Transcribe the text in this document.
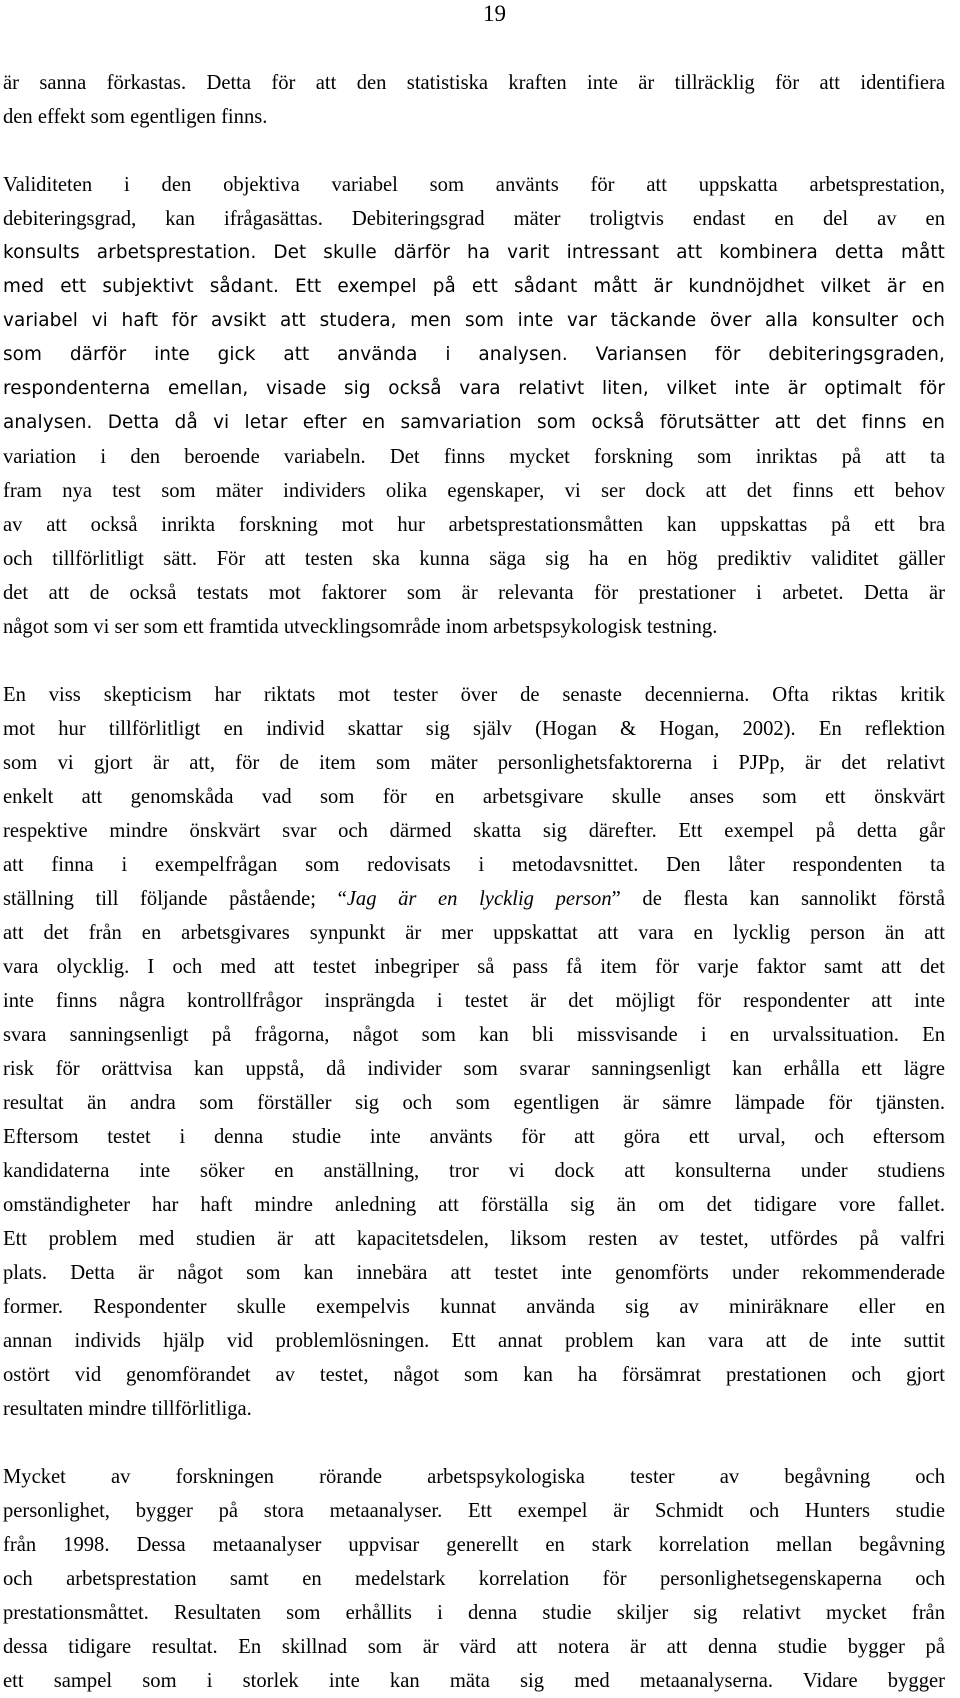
19
är sanna förkastas. Detta för att den statistiska kraften inte är tillräcklig för att identifiera
den effekt som egentligen finns.
Validiteten i den objektiva variabel som använts för att uppskatta arbetsprestation,
debiteringsgrad, kan ifrågasättas. Debiteringsgrad mäter troligtvis endast en del av en
konsults arbetsprestation. Det skulle därför ha varit intressant att kombinera detta mått
med ett subjektivt sådant. Ett exempel på ett sådant mått är kundnöjdhet vilket är en
variabel vi haft för avsikt att studera, men som inte var täckande över alla konsulter och
som därför inte gick att använda i analysen. Variansen för debiteringsgraden,
respondenterna emellan, visade sig också vara relativt liten, vilket inte är optimalt för
analysen. Detta då vi letar efter en samvariation som också förutsätter att det finns en
variation i den beroende variabeln. Det finns mycket forskning som inriktas på att ta
fram nya test som mäter individers olika egenskaper, vi ser dock att det finns ett behov
av att också inrikta forskning mot hur arbetsprestationsmåtten kan uppskattas på ett bra
och tillförlitligt sätt. För att testen ska kunna säga sig ha en hög prediktiv validitet gäller
det att de också testats mot faktorer som är relevanta för prestationer i arbetet. Detta är
något som vi ser som ett framtida utvecklingsområde inom arbetspsykologisk testning.
En viss skepticism har riktats mot tester över de senaste decennierna. Ofta riktas kritik
mot hur tillförlitligt en individ skattar sig själv (Hogan & Hogan, 2002). En reflektion
som vi gjort är att, för de item som mäter personlighetsfaktorerna i PJPp, är det relativt
enkelt att genomskåda vad som för en arbetsgivare skulle anses som ett önskvärt
respektive mindre önskvärt svar och därmed skatta sig därefter. Ett exempel på detta går
att finna i exempelfrågan som redovisats i metodavsnittet. Den låter respondenten ta
ställning till följande påstående; “Jag är en lycklig person” de flesta kan sannolikt förstå
att det från en arbetsgivares synpunkt är mer uppskattat att vara en lycklig person än att
vara olycklig. I och med att testet inbegriper så pass få item för varje faktor samt att det
inte finns några kontrollfrågor insprängda i testet är det möjligt för respondenter att inte
svara sanningsenligt på frågorna, något som kan bli missvisande i en urvalssituation. En
risk för orättvisa kan uppstå, då individer som svarar sanningsenligt kan erhålla ett lägre
resultat än andra som förställer sig och som egentligen är sämre lämpade för tjänsten.
Eftersom testet i denna studie inte använts för att göra ett urval, och eftersom
kandidaterna inte söker en anställning, tror vi dock att konsulterna under studiens
omständigheter har haft mindre anledning att förställa sig än om det tidigare vore fallet.
Ett problem med studien är att kapacitetsdelen, liksom resten av testet, utfördes på valfri
plats. Detta är något som kan innebära att testet inte genomförts under rekommenderade
former. Respondenter skulle exempelvis kunnat använda sig av miniräknare eller en
annan individs hjälp vid problemlösningen. Ett annat problem kan vara att de inte suttit
ostört vid genomförandet av testet, något som kan ha försämrat prestationen och gjort
resultaten mindre tillförlitliga.
Mycket av forskningen rörande arbetspsykologiska tester av begåvning och
personlighet, bygger på stora metaanalyser. Ett exempel är Schmidt och Hunters studie
från 1998. Dessa metaanalyser uppvisar generellt en stark korrelation mellan begåvning
och arbetsprestation samt en medelstark korrelation för personlighetsegenskaperna och
prestationsmåttet. Resultaten som erhållits i denna studie skiljer sig relativt mycket från
dessa tidigare resultat. En skillnad som är värd att notera är att denna studie bygger på
ett sampel som i storlek inte kan mäta sig med metaanalyserna. Vidare bygger
